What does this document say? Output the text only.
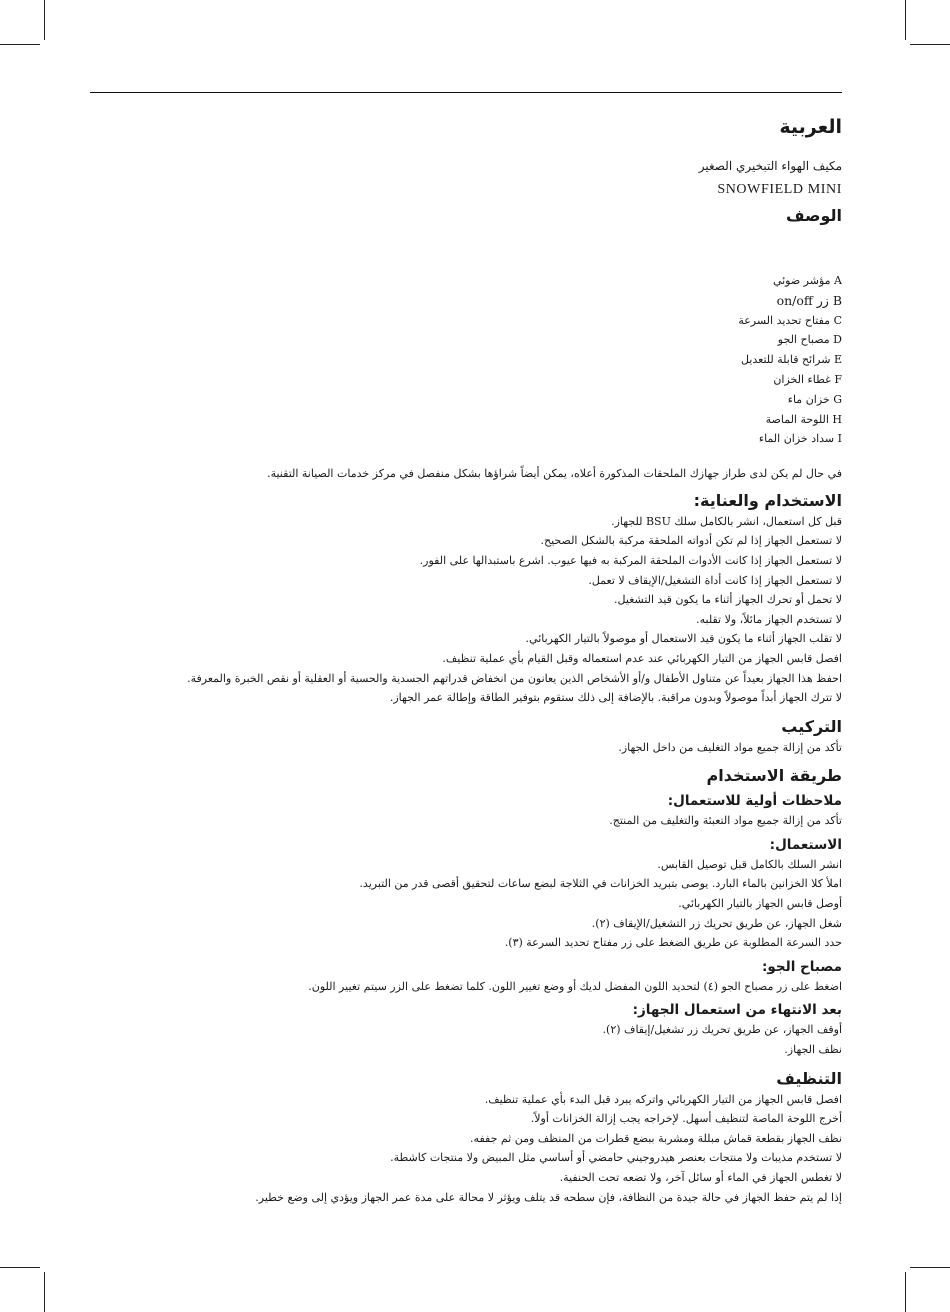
العربية
مكيف الهواء التبخيري الصغير
SNOWFIELD MINI
الوصف
A مؤشر ضوئي
B زر on/off
C مفتاح تحديد السرعة
D مصباح الجو
E شرائح قابلة للتعديل
F غطاء الخزان
G خزان ماء
H اللوحة الماصة
I سداد خزان الماء
في حال لم يكن لدى طراز جهازك الملحقات المذكورة أعلاه، يمكن أيضاً شراؤها بشكل منفصل في مركز خدمات الصيانة التقنية.
الاستخدام والعناية:
قبل كل استعمال، انشر بالكامل سلك BSU للجهاز.
لا تستعمل الجهاز إذا لم تكن أدواته الملحقة مركبة بالشكل الصحيح.
لا تستعمل الجهاز إذا كانت الأدوات الملحقة المركبة به فيها عيوب. اشرع باستبدالها على الفور.
لا تستعمل الجهاز إذا كانت أداة التشغيل/الإيقاف لا تعمل.
لا تحمل أو تحرك الجهاز أثناء ما يكون قيد التشغيل.
لا تستخدم الجهاز مائلاً، ولا تقلبه.
لا تقلب الجهاز أثناء ما يكون قيد الاستعمال أو موصولاً بالتيار الكهربائي.
افصل قابس الجهاز من التيار الكهربائي عند عدم استعماله وقبل القيام بأي عملية تنظيف.
احفظ هذا الجهاز بعيداً عن متناول الأطفال و/أو الأشخاص الذين يعانون من انخفاض قدراتهم الجسدية والحسية أو العقلية أو نقص الخبرة والمعرفة.
لا تترك الجهاز أبداً موصولاً وبدون مراقبة. بالإضافة إلى ذلك ستقوم بتوفير الطاقة وإطالة عمر الجهاز.
التركيب
تأكد من إزالة جميع مواد التغليف من داخل الجهاز.
طريقة الاستخدام
ملاحظات أولية للاستعمال:
تأكد من إزالة جميع مواد التعبئة والتغليف من المنتج.
الاستعمال:
انشر السلك بالكامل قبل توصيل القابس.
املأ كلا الخزانين بالماء البارد. يوصى بتبريد الخزانات في الثلاجة لبضع ساعات لتحقيق أقصى قدر من التبريد.
أوصل قابس الجهاز بالتيار الكهربائي.
شغل الجهاز، عن طريق تحريك زر التشغيل/الإيقاف (٢).
حدد السرعة المطلوبة عن طريق الضغط على زر مفتاح تحديد السرعة (٣).
مصباح الجو:
اضغط على زر مصباح الجو (٤) لتحديد اللون المفضل لديك أو وضع تغيير اللون. كلما تضغط على الزر سيتم تغيير اللون.
بعد الانتهاء من استعمال الجهاز:
أوقف الجهاز، عن طريق تحريك زر تشغيل/إيقاف (٢).
نظف الجهاز.
التنظيف
افصل قابس الجهاز من التيار الكهربائي واتركه يبرد قبل البدء بأي عملية تنظيف.
أخرج اللوحة الماصة لتنظيف أسهل. لإخراجه يجب إزالة الخزانات أولاً.
نظف الجهاز بقطعة قماش مبللة ومشربة ببضع قطرات من المنظف ومن ثم جففه.
لا تستخدم مذيبات ولا منتجات بعنصر هيدروجيني حامضي أو أساسي مثل المبيض ولا منتجات كاشطة.
لا تغطس الجهاز في الماء أو سائل آخر، ولا تضعه تحت الحنفية.
إذا لم يتم حفظ الجهاز في حالة جيدة من النظافة، فإن سطحه قد يتلف ويؤثر لا محالة على مدة عمر الجهاز ويؤدي إلى وضع خطير.
